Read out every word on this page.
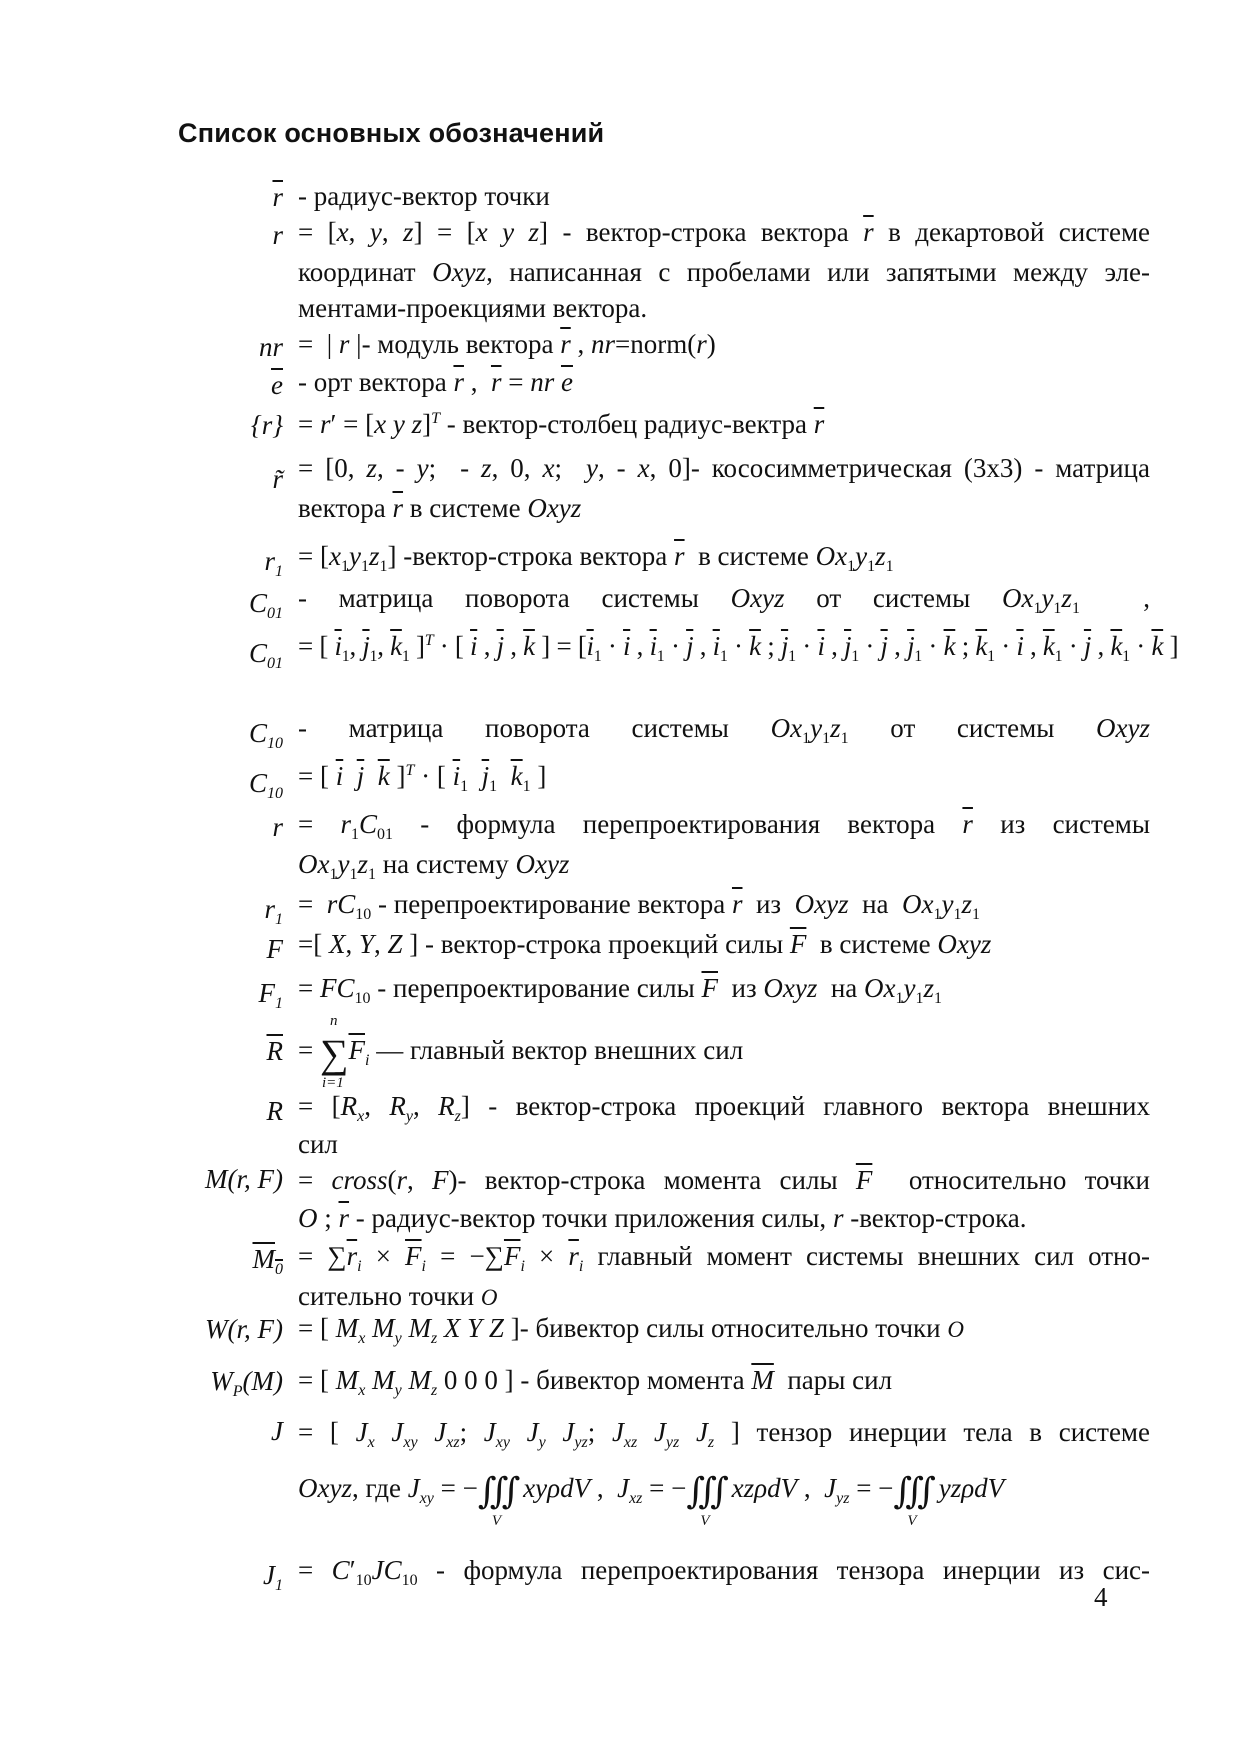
Список основных обозначений
$\overline{r}$ - радиус-вектор точки
r = [x, y, z] = [x y z] - вектор-строка вектора $\overline{r}$ в декартовой системе
координат Oxyz, написанная с пробелами или запятыми между эле-
ментами-проекциями вектора.
nr =  | r |- модуль вектора $\overline{r}$ , nr=norm(r)
$\overline{e}$ - орт вектора $\overline{r}$ ,  $\overline{r}$ = nr $\overline{e}$
{r} = r′ = [x y z]$^T$ - вектор-столбец радиус-вектра $\overline{r}$
r̃ = [0, z, - y;  - z, 0, x;  y, - x, 0]- кососимметрическая (3x3) - матрица
вектора $\overline{r}$ в системе Oxyz
$r_1$
= $[x_1y_1z_1]$ -вектор-строка вектора $\overline{r}$ в системе $Ox_1y_1z_1$
$C_{01}$
- матрица поворота системы Oxyz от системы $Ox_1y_1z_1$  ,
$C_{01}$
= [ $\overline{i}_1$, $\overline{j}_1$, $\overline{k}_1$ ]$^T$ · [ $\overline{i}$ , $\overline{j}$ , $\overline{k}$ ] = [$\overline{i}_1 \cdot \overline{i}$ , $\overline{i}_1 \cdot \overline{j}$ , $\overline{i}_1 \cdot \overline{k}$ ; $\overline{j}_1 \cdot \overline{i}$ , $\overline{j}_1 \cdot \overline{j}$ , $\overline{j}_1 \cdot \overline{k}$ ; $\overline{k}_1 \cdot \overline{i}$ , $\overline{k}_1 \cdot \overline{j}$ , $\overline{k}_1 \cdot \overline{k}$ ]
$C_{10}$
- матрица поворота системы $Ox_1y_1z_1$ от системы Oxyz
$C_{10}$
= [ $\overline{i}$ $\overline{j}$ $\overline{k}$ ]$^T$ · [ $\overline{i}_1$ $\overline{j}_1$ $\overline{k}_1$ ]
$r = r_1C_{01}$ - формула перепроектирования вектора $\overline{r}$ из системы
$Ox_1y_1z_1$ на систему Oxyz
$r_1$
=  $rC_{10}$ - перепроектирование вектора $\overline{r}$ из Oxyz на $Ox_1y_1z_1$
F =[ X, Y, Z ] - вектор-строка проекций силы $\overline{F}$ в системе Oxyz
$F_1$
= $FC_{10}$ - перепроектирование силы $\overline{F}$ из Oxyz на $Ox_1y_1z_1$
$\overline{R}$ = ∑
n
i=1
$\overline{F}_i$ — главный вектор внешних сил
$R = [R_x$, $R_y$, $R_z$] - вектор-строка проекций главного вектора внешних
сил
M(r, F) = cross(r, F)- вектор-строка момента силы $\overline{F}$ относительно точки
O ; $\overline{r}$ - радиус-вектор точки приложения силы, r -вектор-строка.
$M_0 = \sum\overline{r}_i \times \overline{F}_i = -\sum\overline{F}_i \times \overline{r}_i$ главный момент системы внешних сил отно-
сительно точки O
W(r, F) = [ $M_x$ $M_y$ $M_z$ X Y Z ]- бивектор силы относительно точки O
$W_P(M)$ = [ $M_x$ $M_y$ $M_z$ 0 0 0 ] - бивектор момента $\overline{M}$ пары сил
J = [ $J_x$ $J_{xy}$ $J_{xz}$; $J_{xy}$ $J_y$ $J_{yz}$; $J_{xz}$ $J_{yz}$ $J_z$ ] тензор инерции тела в системе
Oxyz, где $J_{xy}$ = −∭
V
xyρdV ,  $J_{xz}$ = −∭
V
xzρdV ,  $J_{yz}$ = −∭
V
yzρdV
$J_1$
= $C'_{10}JC_{10}$ - формула перепроектирования тензора инерции из сис-
4
